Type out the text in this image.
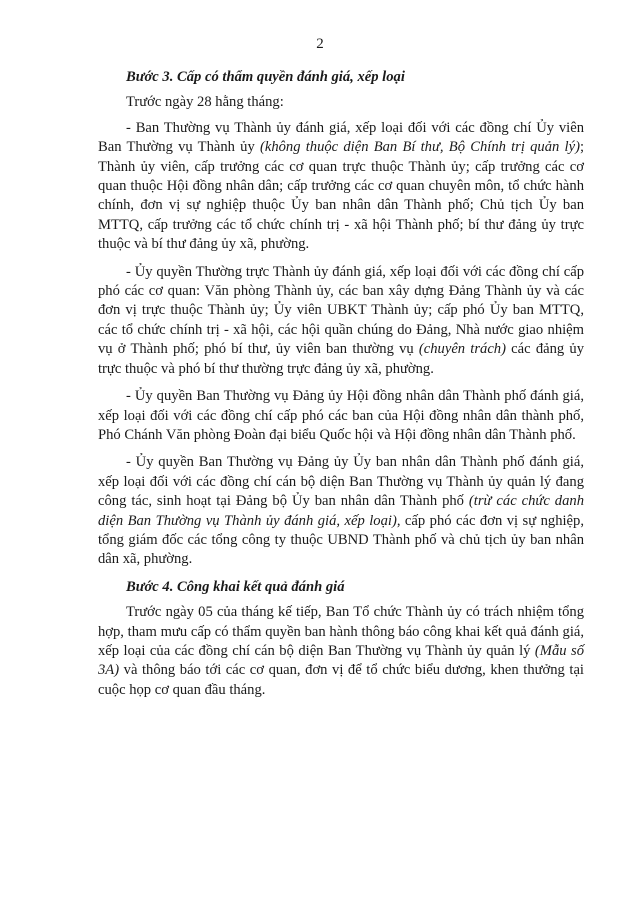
2

Bước 3. Cấp có thẩm quyền đánh giá, xếp loại

Trước ngày 28 hằng tháng:

- Ban Thường vụ Thành ủy đánh giá, xếp loại đối với các đồng chí Ủy viên Ban Thường vụ Thành ủy (không thuộc diện Ban Bí thư, Bộ Chính trị quản lý); Thành ủy viên, cấp trưởng các cơ quan trực thuộc Thành ủy; cấp trưởng các cơ quan thuộc Hội đồng nhân dân; cấp trưởng các cơ quan chuyên môn, tổ chức hành chính, đơn vị sự nghiệp thuộc Ủy ban nhân dân Thành phố; Chủ tịch Ủy ban MTTQ, cấp trưởng các tổ chức chính trị - xã hội Thành phố; bí thư đảng ủy trực thuộc và bí thư đảng ủy xã, phường.

- Ủy quyền Thường trực Thành ủy đánh giá, xếp loại đối với các đồng chí cấp phó các cơ quan: Văn phòng Thành ủy, các ban xây dựng Đảng Thành ủy và các đơn vị trực thuộc Thành ủy; Ủy viên UBKT Thành ủy; cấp phó Ủy ban MTTQ, các tổ chức chính trị - xã hội, các hội quần chúng do Đảng, Nhà nước giao nhiệm vụ ở Thành phố; phó bí thư, ủy viên ban thường vụ (chuyên trách) các đảng ủy trực thuộc và phó bí thư thường trực đảng ủy xã, phường.

- Ủy quyền Ban Thường vụ Đảng ủy Hội đồng nhân dân Thành phố đánh giá, xếp loại đối với các đồng chí cấp phó các ban của Hội đồng nhân dân thành phố, Phó Chánh Văn phòng Đoàn đại biểu Quốc hội và Hội đồng nhân dân Thành phố.

- Ủy quyền Ban Thường vụ Đảng ủy Ủy ban nhân dân Thành phố đánh giá, xếp loại đối với các đồng chí cán bộ diện Ban Thường vụ Thành ủy quản lý đang công tác, sinh hoạt tại Đảng bộ Ủy ban nhân dân Thành phố (trừ các chức danh diện Ban Thường vụ Thành ủy đánh giá, xếp loại), cấp phó các đơn vị sự nghiệp, tổng giám đốc các tổng công ty thuộc UBND Thành phố và chủ tịch ủy ban nhân dân xã, phường.

Bước 4. Công khai kết quả đánh giá

Trước ngày 05 của tháng kế tiếp, Ban Tổ chức Thành ủy có trách nhiệm tổng hợp, tham mưu cấp có thẩm quyền ban hành thông báo công khai kết quả đánh giá, xếp loại của các đồng chí cán bộ diện Ban Thường vụ Thành ủy quản lý (Mẫu số 3A) và thông báo tới các cơ quan, đơn vị để tổ chức biểu dương, khen thưởng tại cuộc họp cơ quan đầu tháng.
